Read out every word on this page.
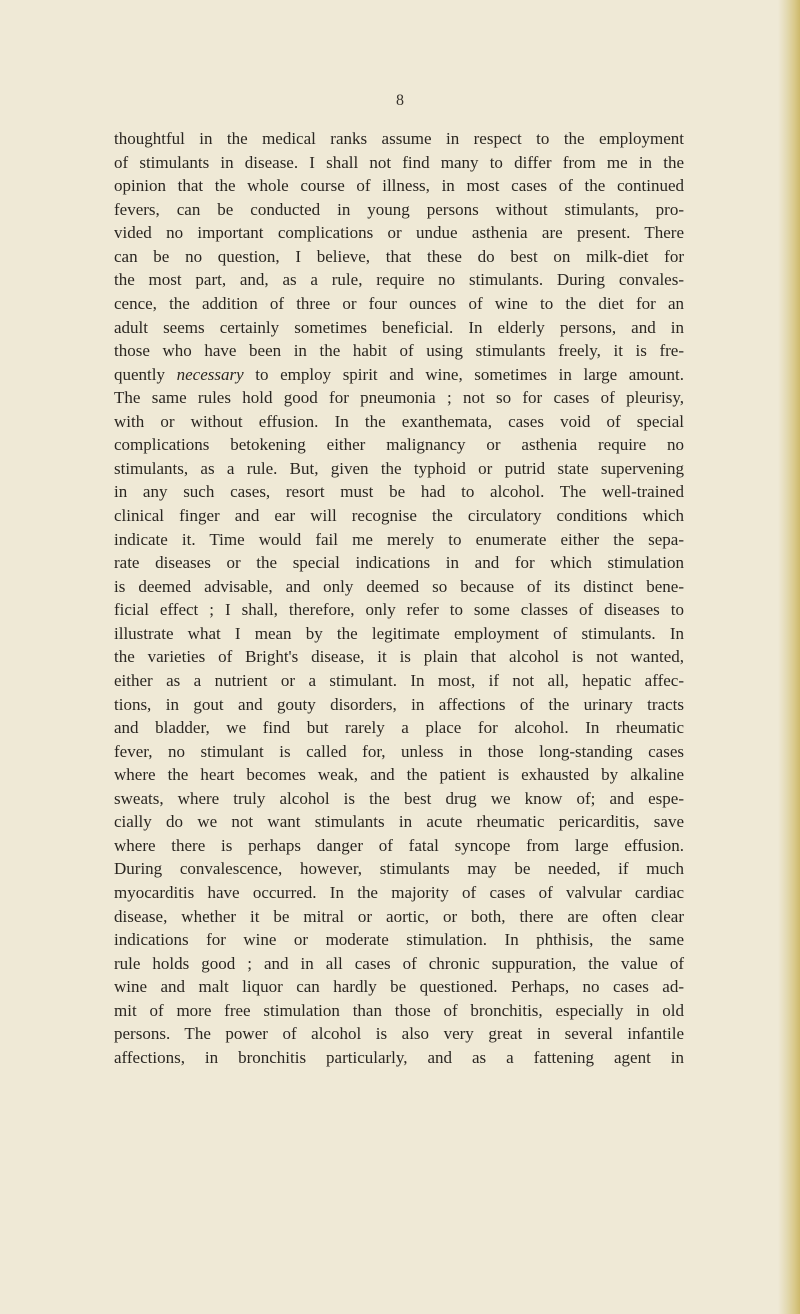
8
thoughtful in the medical ranks assume in respect to the employment
of stimulants in disease. I shall not find many to differ from me in the
opinion that the whole course of illness, in most cases of the continued
fevers, can be conducted in young persons without stimulants, pro-
vided no important complications or undue asthenia are present. There
can be no question, I believe, that these do best on milk-diet for
the most part, and, as a rule, require no stimulants. During convales-
cence, the addition of three or four ounces of wine to the diet for an
adult seems certainly sometimes beneficial. In elderly persons, and in
those who have been in the habit of using stimulants freely, it is fre-
quently necessary to employ spirit and wine, sometimes in large amount.
The same rules hold good for pneumonia ; not so for cases of pleurisy,
with or without effusion. In the exanthemata, cases void of special
complications betokening either malignancy or asthenia require no
stimulants, as a rule. But, given the typhoid or putrid state supervening
in any such cases, resort must be had to alcohol. The well-trained
clinical finger and ear will recognise the circulatory conditions which
indicate it. Time would fail me merely to enumerate either the sepa-
rate diseases or the special indications in and for which stimulation
is deemed advisable, and only deemed so because of its distinct bene-
ficial effect ; I shall, therefore, only refer to some classes of diseases to
illustrate what I mean by the legitimate employment of stimulants. In
the varieties of Bright's disease, it is plain that alcohol is not wanted,
either as a nutrient or a stimulant. In most, if not all, hepatic affec-
tions, in gout and gouty disorders, in affections of the urinary tracts
and bladder, we find but rarely a place for alcohol. In rheumatic
fever, no stimulant is called for, unless in those long-standing cases
where the heart becomes weak, and the patient is exhausted by alkaline
sweats, where truly alcohol is the best drug we know of; and espe-
cially do we not want stimulants in acute rheumatic pericarditis, save
where there is perhaps danger of fatal syncope from large effusion.
During convalescence, however, stimulants may be needed, if much
myocarditis have occurred. In the majority of cases of valvular cardiac
disease, whether it be mitral or aortic, or both, there are often clear
indications for wine or moderate stimulation. In phthisis, the same
rule holds good ; and in all cases of chronic suppuration, the value of
wine and malt liquor can hardly be questioned. Perhaps, no cases ad-
mit of more free stimulation than those of bronchitis, especially in old
persons. The power of alcohol is also very great in several infantile
affections, in bronchitis particularly, and as a fattening agent in
